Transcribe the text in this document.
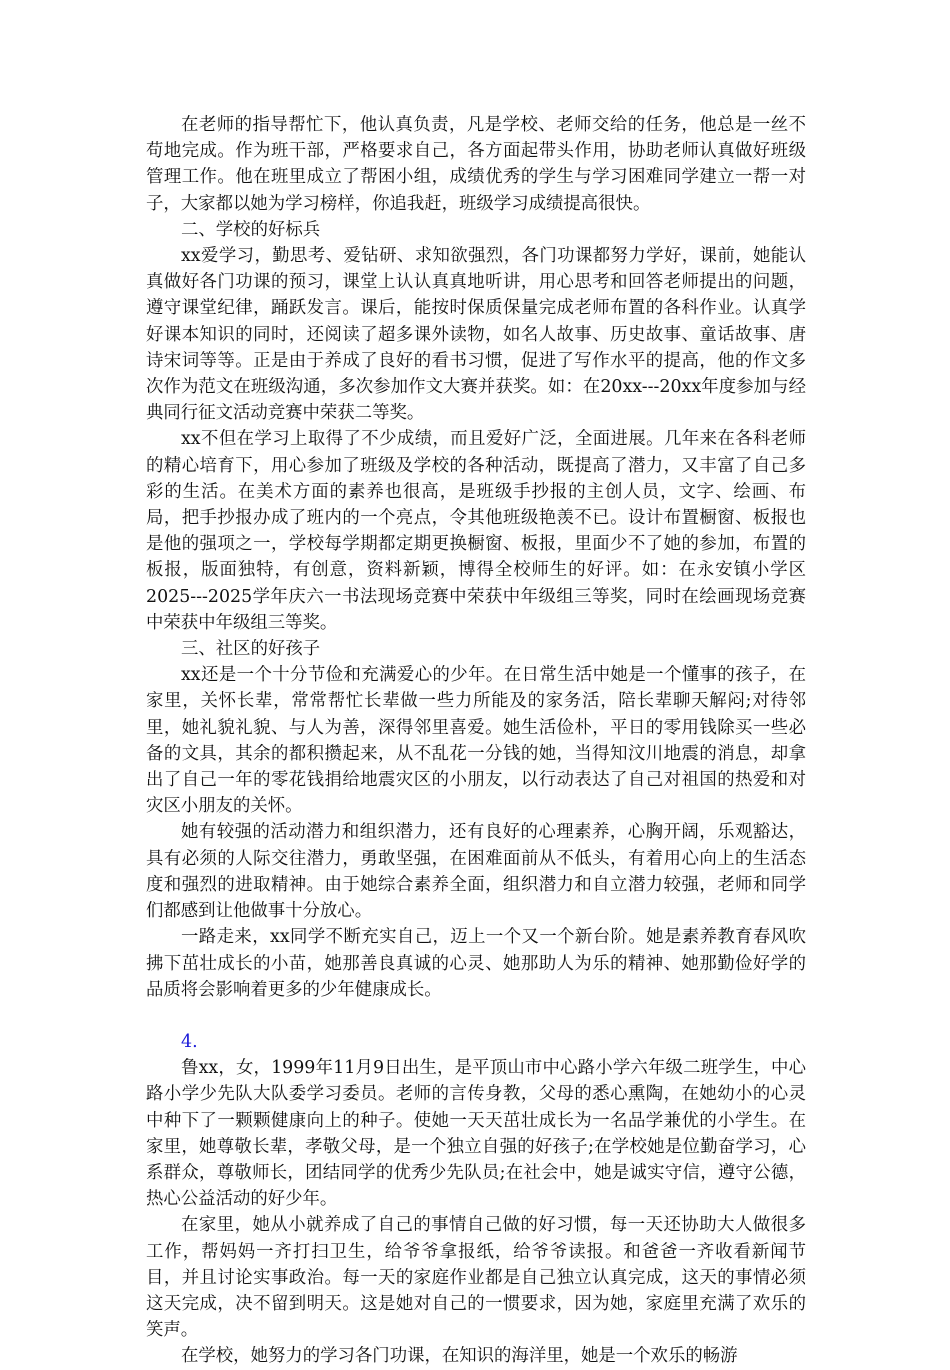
在老师的指导帮忙下，他认真负责，凡是学校、老师交给的任务，他总是一丝不苟地完成。作为班干部，严格要求自己，各方面起带头作用，协助老师认真做好班级管理工作。他在班里成立了帮困小组，成绩优秀的学生与学习困难同学建立一帮一对子，大家都以她为学习榜样，你追我赶，班级学习成绩提高很快。

二、学校的好标兵

xx爱学习，勤思考、爱钻研、求知欲强烈，各门功课都努力学好，课前，她能认真做好各门功课的预习，课堂上认认真真地听讲，用心思考和回答老师提出的问题，遵守课堂纪律，踊跃发言。课后，能按时保质保量完成老师布置的各科作业。认真学好课本知识的同时，还阅读了超多课外读物，如名人故事、历史故事、童话故事、唐诗宋词等等。正是由于养成了良好的看书习惯，促进了写作水平的提高，他的作文多次作为范文在班级沟通，多次参加作文大赛并获奖。如：在20xx---20xx年度参加与经典同行征文活动竞赛中荣获二等奖。

xx不但在学习上取得了不少成绩，而且爱好广泛，全面进展。几年来在各科老师的精心培育下，用心参加了班级及学校的各种活动，既提高了潜力，又丰富了自己多彩的生活。在美术方面的素养也很高，是班级手抄报的主创人员，文字、绘画、布局，把手抄报办成了班内的一个亮点，令其他班级艳羡不已。设计布置橱窗、板报也是他的强项之一，学校每学期都定期更换橱窗、板报，里面少不了她的参加，布置的板报，版面独特，有创意，资料新颖，博得全校师生的好评。如：在永安镇小学区2025---2025学年庆六一书法现场竞赛中荣获中年级组三等奖，同时在绘画现场竞赛中荣获中年级组三等奖。

三、社区的好孩子

xx还是一个十分节俭和充满爱心的少年。在日常生活中她是一个懂事的孩子，在家里，关怀长辈，常常帮忙长辈做一些力所能及的家务活，陪长辈聊天解闷;对待邻里，她礼貌礼貌、与人为善，深得邻里喜爱。她生活俭朴，平日的零用钱除买一些必备的文具，其余的都积攒起来，从不乱花一分钱的她，当得知汶川地震的消息，却拿出了自己一年的零花钱捐给地震灾区的小朋友，以行动表达了自己对祖国的热爱和对灾区小朋友的关怀。

她有较强的活动潜力和组织潜力，还有良好的心理素养，心胸开阔，乐观豁达，具有必须的人际交往潜力，勇敢坚强，在困难面前从不低头，有着用心向上的生活态度和强烈的进取精神。由于她综合素养全面，组织潜力和自立潜力较强，老师和同学们都感到让他做事十分放心。

一路走来，xx同学不断充实自己，迈上一个又一个新台阶。她是素养教育春风吹拂下茁壮成长的小苗，她那善良真诚的心灵、她那助人为乐的精神、她那勤俭好学的品质将会影响着更多的少年健康成长。

4.

鲁xx，女，1999年11月9日出生，是平顶山市中心路小学六年级二班学生，中心路小学少先队大队委学习委员。老师的言传身教，父母的悉心熏陶，在她幼小的心灵中种下了一颗颗健康向上的种子。使她一天天茁壮成长为一名品学兼优的小学生。在家里，她尊敬长辈，孝敬父母，是一个独立自强的好孩子;在学校她是位勤奋学习，心系群众，尊敬师长，团结同学的优秀少先队员;在社会中，她是诚实守信，遵守公德，热心公益活动的好少年。

在家里，她从小就养成了自己的事情自己做的好习惯，每一天还协助大人做很多工作，帮妈妈一齐打扫卫生，给爷爷拿报纸，给爷爷读报。和爸爸一齐收看新闻节目，并且讨论实事政治。每一天的家庭作业都是自己独立认真完成，这天的事情必须这天完成，决不留到明天。这是她对自己的一惯要求，因为她，家庭里充满了欢乐的笑声。

在学校，她努力的学习各门功课，在知识的海洋里，她是一个欢乐的畅游
